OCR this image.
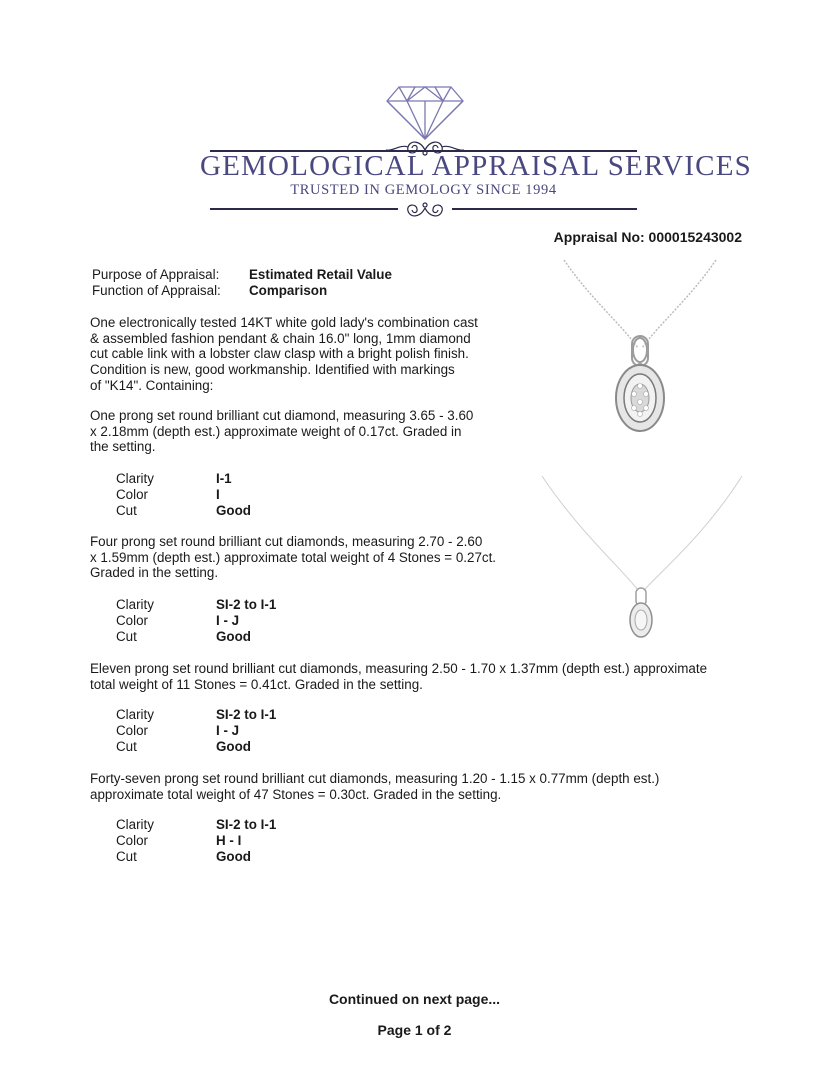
GEMOLOGICAL APPRAISAL SERVICES
TRUSTED IN GEMOLOGY SINCE 1994
Appraisal No: 000015243002
Purpose of Appraisal: Estimated Retail Value
Function of Appraisal: Comparison
One electronically tested 14KT white gold lady's combination cast
& assembled fashion pendant & chain 16.0" long, 1mm diamond
cut cable link with a lobster claw clasp with a bright polish finish.
Condition is new, good workmanship. Identified with markings
of "K14". Containing:
One prong set round brilliant cut diamond, measuring 3.65 - 3.60
x 2.18mm (depth est.) approximate weight of 0.17ct. Graded in
the setting.
Clarity	I-1
Color	I
Cut	Good
Four prong set round brilliant cut diamonds, measuring 2.70 - 2.60
x 1.59mm (depth est.) approximate total weight of 4 Stones = 0.27ct.
Graded in the setting.
Clarity	SI-2 to I-1
Color	I - J
Cut	Good
Eleven prong set round brilliant cut diamonds, measuring 2.50 - 1.70 x 1.37mm (depth est.) approximate
total weight of 11 Stones = 0.41ct. Graded in the setting.
Clarity	SI-2 to I-1
Color	I - J
Cut	Good
Forty-seven prong set round brilliant cut diamonds, measuring 1.20 - 1.15 x 0.77mm (depth est.)
approximate total weight of 47 Stones = 0.30ct. Graded in the setting.
Clarity	SI-2 to I-1
Color	H - I
Cut	Good
Continued on next page...
Page 1 of 2
